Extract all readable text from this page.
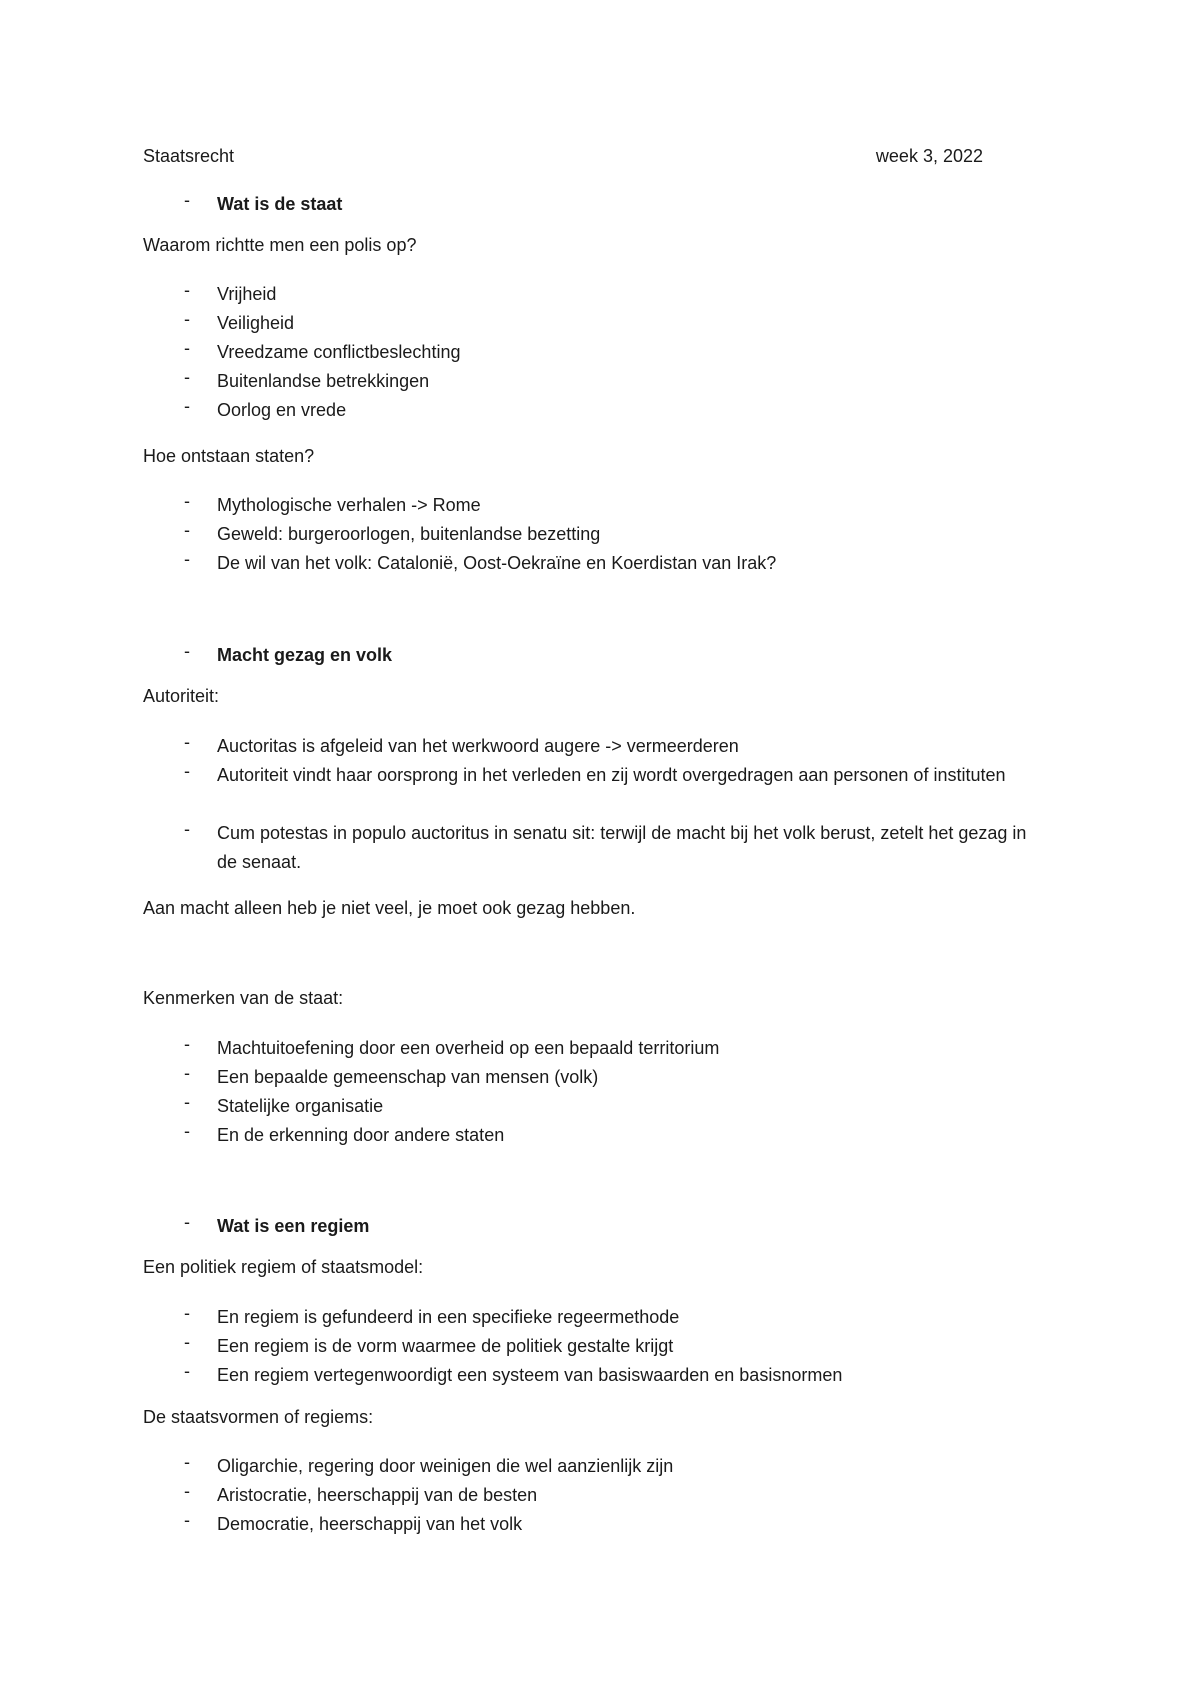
Staatsrecht	week 3, 2022
- Wat is de staat
Waarom richtte men een polis op?
- Vrijheid
- Veiligheid
- Vreedzame conflictbeslechting
- Buitenlandse betrekkingen
- Oorlog en vrede
Hoe ontstaan staten?
- Mythologische verhalen -> Rome
- Geweld: burgeroorlogen, buitenlandse bezetting
- De wil van het volk: Catalonië, Oost-Oekraïne en Koerdistan van Irak?
- Macht gezag en volk
Autoriteit:
- Auctoritas is afgeleid van het werkwoord augere -> vermeerderen
- Autoriteit vindt haar oorsprong in het verleden en zij wordt overgedragen aan personen of instituten
- Cum potestas in populo auctoritus in senatu sit: terwijl de macht bij het volk berust, zetelt het gezag in de senaat.
Aan macht alleen heb je niet veel, je moet ook gezag hebben.
Kenmerken van de staat:
- Machtuitoefening door een overheid op een bepaald territorium
- Een bepaalde gemeenschap van mensen (volk)
- Statelijke organisatie
- En de erkenning door andere staten
- Wat is een regiem
Een politiek regiem of staatsmodel:
- En regiem is gefundeerd in een specifieke regeermethode
- Een regiem is de vorm waarmee de politiek gestalte krijgt
- Een regiem vertegenwoordigt een systeem van basiswaarden en basisnormen
De staatsvormen of regiems:
- Oligarchie, regering door weinigen die wel aanzienlijk zijn
- Aristocratie, heerschappij van de besten
- Democratie, heerschappij van het volk
